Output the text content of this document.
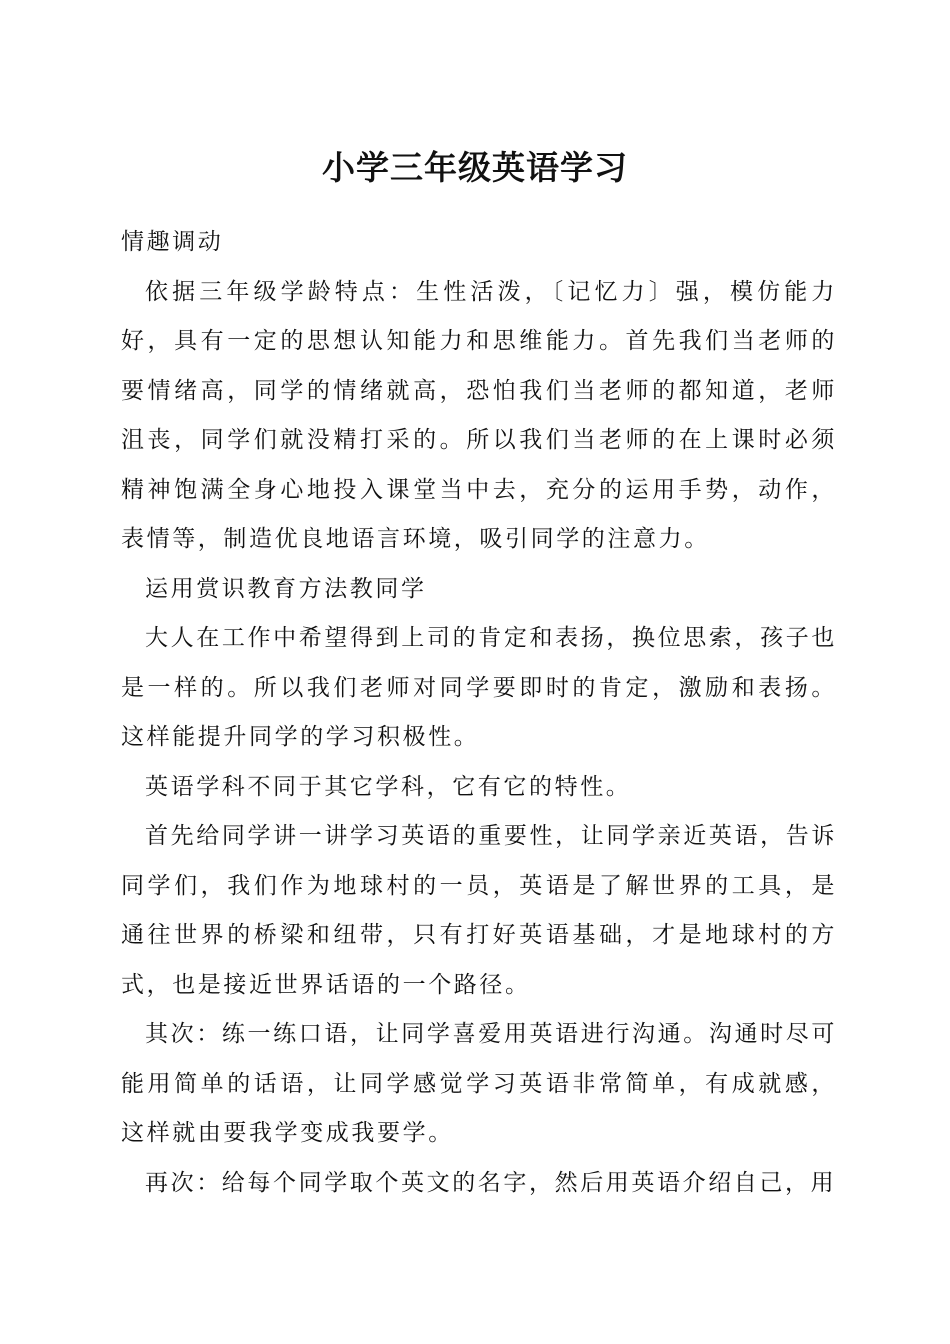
小学三年级英语学习

情趣调动

依据三年级学龄特点：生性活泼，〔记忆力〕强，模仿能力好，具有一定的思想认知能力和思维能力。首先我们当老师的要情绪高，同学的情绪就高，恐怕我们当老师的都知道，老师沮丧，同学们就没精打采的。所以我们当老师的在上课时必须精神饱满全身心地投入课堂当中去，充分的运用手势，动作，表情等，制造优良地语言环境，吸引同学的注意力。

运用赏识教育方法教同学

大人在工作中希望得到上司的肯定和表扬，换位思索，孩子也是一样的。所以我们老师对同学要即时的肯定，激励和表扬。这样能提升同学的学习积极性。

英语学科不同于其它学科，它有它的特性。

首先给同学讲一讲学习英语的重要性，让同学亲近英语，告诉同学们，我们作为地球村的一员，英语是了解世界的工具，是通往世界的桥梁和纽带，只有打好英语基础，才是地球村的方式，也是接近世界话语的一个路径。

其次：练一练口语，让同学喜爱用英语进行沟通。沟通时尽可能用简单的话语，让同学感觉学习英语非常简单，有成就感，这样就由要我学变成我要学。

再次：给每个同学取个英文的名字，然后用英语介绍自己，用
